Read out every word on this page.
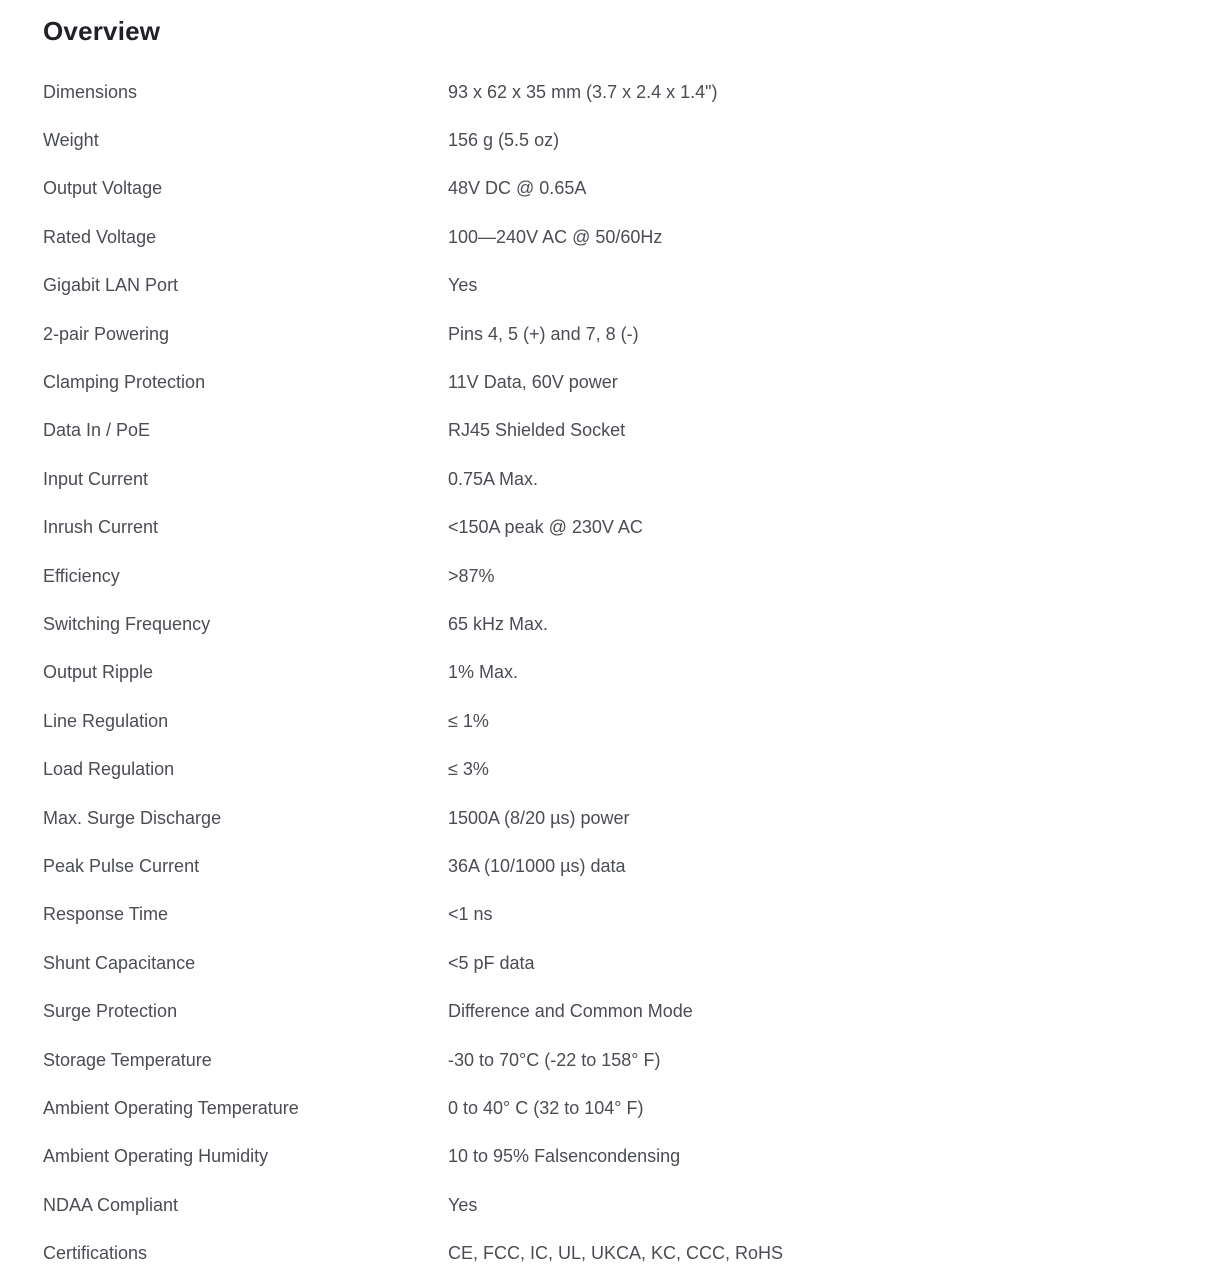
Overview
Dimensions	93 x 62 x 35 mm (3.7 x 2.4 x 1.4")
Weight	156 g (5.5 oz)
Output Voltage	48V DC @ 0.65A
Rated Voltage	100—240V AC @ 50/60Hz
Gigabit LAN Port	Yes
2-pair Powering	Pins 4, 5 (+) and 7, 8 (-)
Clamping Protection	11V Data, 60V power
Data In / PoE	RJ45 Shielded Socket
Input Current	0.75A Max.
Inrush Current	<150A peak @ 230V AC
Efficiency	>87%
Switching Frequency	65 kHz Max.
Output Ripple	1% Max.
Line Regulation	≤ 1%
Load Regulation	≤ 3%
Max. Surge Discharge	1500A (8/20 µs) power
Peak Pulse Current	36A (10/1000 µs) data
Response Time	<1 ns
Shunt Capacitance	<5 pF data
Surge Protection	Difference and Common Mode
Storage Temperature	-30 to 70°C (-22 to 158° F)
Ambient Operating Temperature	0 to 40° C (32 to 104° F)
Ambient Operating Humidity	10 to 95% Falsencondensing
NDAA Compliant	Yes
Certifications	CE, FCC, IC, UL, UKCA, KC, CCC, RoHS
